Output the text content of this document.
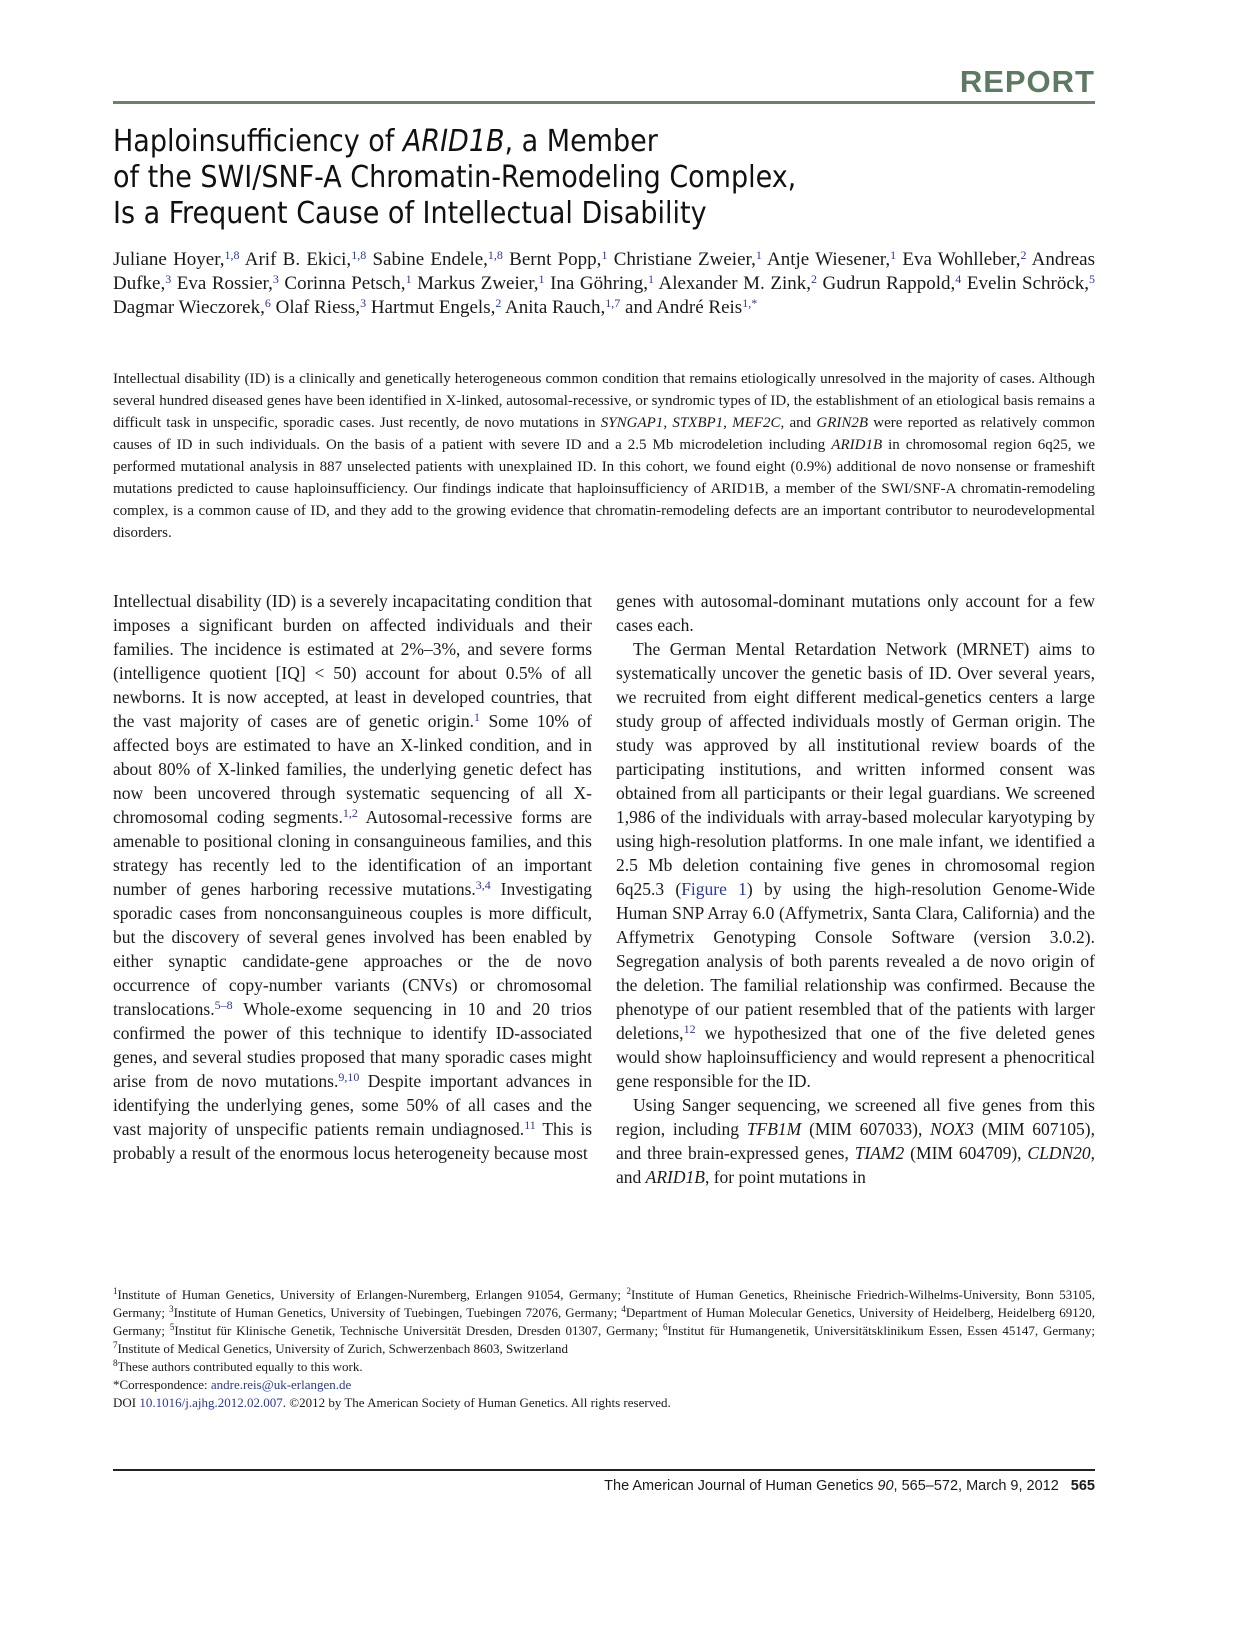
REPORT
Haploinsufficiency of ARID1B, a Member
of the SWI/SNF-A Chromatin-Remodeling Complex,
Is a Frequent Cause of Intellectual Disability
Juliane Hoyer,$^{1,8}$ Arif B. Ekici,$^{1,8}$ Sabine Endele,$^{1,8}$ Bernt Popp,$^1$ Christiane Zweier,$^1$ Antje Wiesener,$^1$ Eva Wohlleber,$^2$ Andreas Dufke,$^3$ Eva Rossier,$^3$ Corinna Petsch,$^1$ Markus Zweier,$^1$ Ina Göhring,$^1$ Alexander M. Zink,$^2$ Gudrun Rappold,$^4$ Evelin Schröck,$^5$ Dagmar Wieczorek,$^6$ Olaf Riess,$^3$ Hartmut Engels,$^2$ Anita Rauch,$^{1,7}$ and André Reis$^{1,*}$
Intellectual disability (ID) is a clinically and genetically heterogeneous common condition that remains etiologically unresolved in the majority of cases. Although several hundred diseased genes have been identified in X-linked, autosomal-recessive, or syndromic types of ID, the establishment of an etiological basis remains a difficult task in unspecific, sporadic cases. Just recently, de novo mutations in SYNGAP1, STXBP1, MEF2C, and GRIN2B were reported as relatively common causes of ID in such individuals. On the basis of a patient with severe ID and a 2.5 Mb microdeletion including ARID1B in chromosomal region 6q25, we performed mutational analysis in 887 unselected patients with unexplained ID. In this cohort, we found eight (0.9%) additional de novo nonsense or frameshift mutations predicted to cause haploinsufficiency. Our findings indicate that haploinsufficiency of ARID1B, a member of the SWI/SNF-A chromatin-remodeling complex, is a common cause of ID, and they add to the growing evidence that chromatin-remodeling defects are an important contributor to neurodevelopmental disorders.

Intellectual disability (ID) is a severely incapacitating condition that imposes a significant burden on affected individuals and their families. The incidence is estimated at 2%–3%, and severe forms (intelligence quotient [IQ] < 50) account for about 0.5% of all newborns. It is now accepted, at least in developed countries, that the vast majority of cases are of genetic origin.$^1$ Some 10% of affected boys are estimated to have an X-linked condition, and in about 80% of X-linked families, the underlying genetic defect has now been uncovered through systematic sequencing of all X-chromosomal coding segments.$^{1,2}$ Autosomal-recessive forms are amenable to positional cloning in consanguineous families, and this strategy has recently led to the identification of an important number of genes harboring recessive mutations.$^{3,4}$ Investigating sporadic cases from nonconsanguineous couples is more difficult, but the discovery of several genes involved has been enabled by either synaptic candidate-gene approaches or the de novo occurrence of copy-number variants (CNVs) or chromosomal translocations.$^{5-8}$ Whole-exome sequencing in 10 and 20 trios confirmed the power of this technique to identify ID-associated genes, and several studies proposed that many sporadic cases might arise from de novo mutations.$^{9,10}$ Despite important advances in identifying the underlying genes, some 50% of all cases and the vast majority of unspecific patients remain undiagnosed.$^{11}$ This is probably a result of the enormous locus heterogeneity because most

genes with autosomal-dominant mutations only account for a few cases each.

The German Mental Retardation Network (MRNET) aims to systematically uncover the genetic basis of ID. Over several years, we recruited from eight different medical-genetics centers a large study group of affected individuals mostly of German origin. The study was approved by all institutional review boards of the participating institutions, and written informed consent was obtained from all participants or their legal guardians. We screened 1,986 of the individuals with array-based molecular karyotyping by using high-resolution platforms. In one male infant, we identified a 2.5 Mb deletion containing five genes in chromosomal region 6q25.3 (Figure 1) by using the high-resolution Genome-Wide Human SNP Array 6.0 (Affymetrix, Santa Clara, California) and the Affymetrix Genotyping Console Software (version 3.0.2). Segregation analysis of both parents revealed a de novo origin of the deletion. The familial relationship was confirmed. Because the phenotype of our patient resembled that of the patients with larger deletions,$^{12}$ we hypothesized that one of the five deleted genes would show haploinsufficiency and would represent a phenocritical gene responsible for the ID.

Using Sanger sequencing, we screened all five genes from this region, including TFB1M (MIM 607033), NOX3 (MIM 607105), and three brain-expressed genes, TIAM2 (MIM 604709), CLDN20, and ARID1B, for point mutations in

$^1$Institute of Human Genetics, University of Erlangen-Nuremberg, Erlangen 91054, Germany; $^2$Institute of Human Genetics, Rheinische Friedrich-Wilhelms-University, Bonn 53105, Germany; $^3$Institute of Human Genetics, University of Tuebingen, Tuebingen 72076, Germany; $^4$Department of Human Molecular Genetics, University of Heidelberg, Heidelberg 69120, Germany; $^5$Institut für Klinische Genetik, Technische Universität Dresden, Dresden 01307, Germany; $^6$Institut für Humangenetik, Universitätsklinikum Essen, Essen 45147, Germany; $^7$Institute of Medical Genetics, University of Zurich, Schwerzenbach 8603, Switzerland

$^8$These authors contributed equally to this work.

*Correspondence: andre.reis@uk-erlangen.de

DOI 10.1016/j.ajhg.2012.02.007. ©2012 by The American Society of Human Genetics. All rights reserved.

The American Journal of Human Genetics 90, 565–572, March 9, 2012 565
